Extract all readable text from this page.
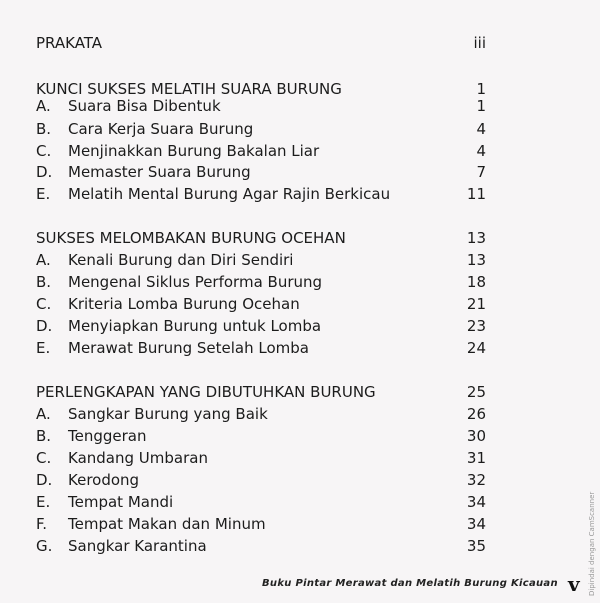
PRAKATA	iii
KUNCI SUKSES MELATIH SUARA BURUNG	1
A. Suara Bisa Dibentuk	1
B. Cara Kerja Suara Burung	4
C. Menjinakkan Burung Bakalan Liar	4
D. Memaster Suara Burung	7
E. Melatih Mental Burung Agar Rajin Berkicau	11
SUKSES MELOMBAKAN BURUNG OCEHAN	13
A. Kenali Burung dan Diri Sendiri	13
B. Mengenal Siklus Performa Burung	18
C. Kriteria Lomba Burung Ocehan	21
D. Menyiapkan Burung untuk Lomba	23
E. Merawat Burung Setelah Lomba	24
PERLENGKAPAN YANG DIBUTUHKAN BURUNG	25
A. Sangkar Burung yang Baik	26
B. Tenggeran	30
C. Kandang Umbaran	31
D. Kerodong	32
E. Tempat Mandi	34
F. Tempat Makan dan Minum	34
G. Sangkar Karantina	35
Buku Pintar Merawat dan Melatih Burung Kicauan v Dipindai dengan CamScanner
